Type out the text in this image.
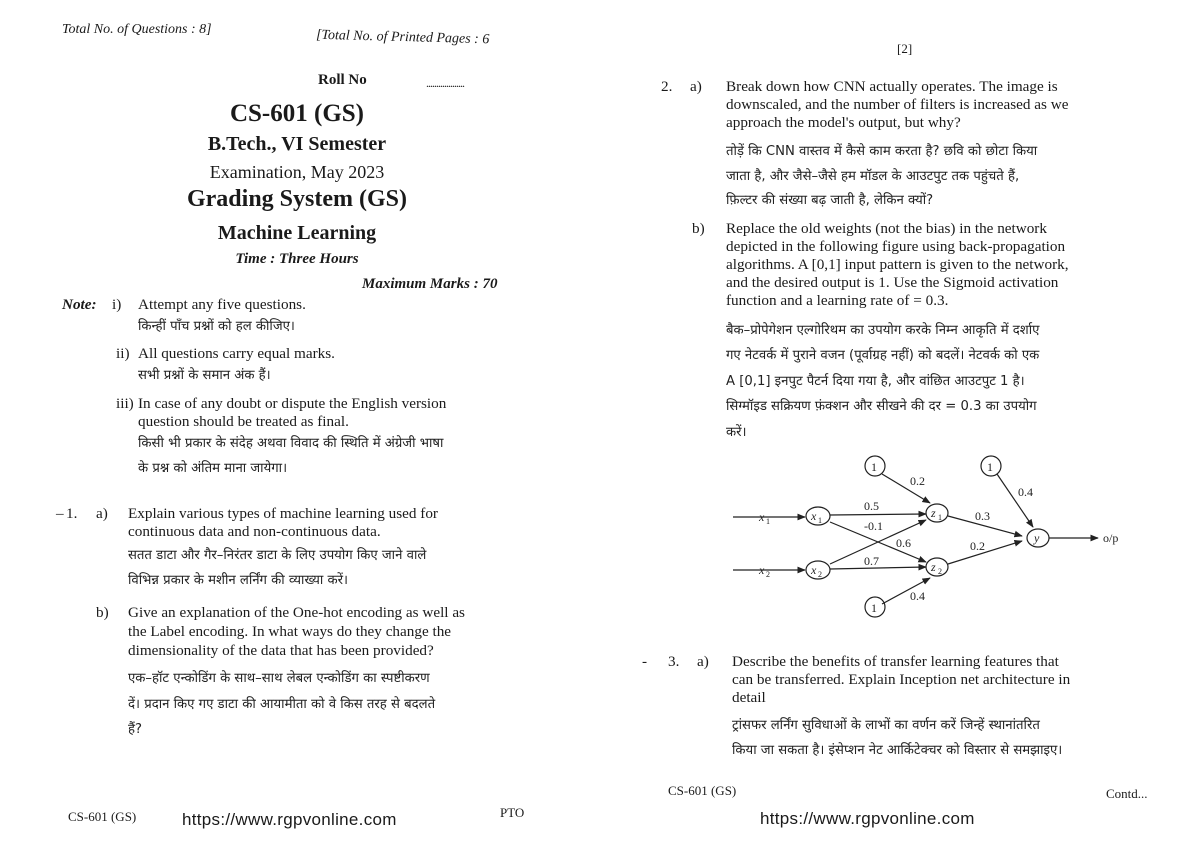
Total No. of Questions : 8]	[Total No. of Printed Pages : 6
Roll No	...................
CS-601 (GS)
B.Tech., VI Semester
Examination, May 2023
Grading System (GS)
Machine Learning
Time : Three Hours
Maximum Marks : 70
Note: i) Attempt any five questions.
किन्हीं पाँच प्रश्नों को हल कीजिए।
ii) All questions carry equal marks.
सभी प्रश्नों के समान अंक हैं।
iii) In case of any doubt or dispute the English version
question should be treated as final.
किसी भी प्रकार के संदेह अथवा विवाद की स्थिति में अंग्रेजी भाषा
के प्रश्न को अंतिम माना जायेगा।
– 1. a) Explain various types of machine learning used for
continuous data and non-continuous data.
सतत डाटा और गैर–निरंतर डाटा के लिए उपयोग किए जाने वाले
विभिन्न प्रकार के मशीन लर्निंग की व्याख्या करें।
b) Give an explanation of the One-hot encoding as well as
the Label encoding. In what ways do they change the
dimensionality of the data that has been provided?
एक–हॉट एन्कोडिंग के साथ–साथ लेबल एन्कोडिंग का स्पष्टीकरण
दें। प्रदान किए गए डाटा की आयामीता को वे किस तरह से बदलते
हैं?
CS-601 (GS)	https://www.rgpvonline.com	PTO
[2]
2. a) Break down how CNN actually operates. The image is
downscaled, and the number of filters is increased as we
approach the model's output, but why?
तोड़ें कि CNN वास्तव में कैसे काम करता है? छवि को छोटा किया
जाता है, और जैसे–जैसे हम मॉडल के आउटपुट तक पहुंचते हैं,
फ़िल्टर की संख्या बढ़ जाती है, लेकिन क्यों?
b) Replace the old weights (not the bias) in the network
depicted in the following figure using back-propagation
algorithms. A [0,1] input pattern is given to the network,
and the desired output is 1. Use the Sigmoid activation
function and a learning rate of = 0.3.
बैक–प्रोपेगेशन एल्गोरिथम का उपयोग करके निम्न आकृति में दर्शाए
गए नेटवर्क में पुराने वजन (पूर्वाग्रह नहीं) को बदलें। नेटवर्क को एक
A [0,1] इनपुट पैटर्न दिया गया है, और वांछित आउटपुट 1 है।
सिग्मॉइड सक्रियण फ़ंक्शन और सीखने की दर = 0.3 का उपयोग
करें।
1	1
1
x 1
x 2
x 1
x 2
z 1
z 2
y	o/p
0.5
-0.1
0.6
0.7
0.2
0.4
0.3
0.2
0.4
- 3. a) Describe the benefits of transfer learning features that
can be transferred. Explain Inception net architecture in
detail
ट्रांसफर लर्निंग सुविधाओं के लाभों का वर्णन करें जिन्हें स्थानांतरित
किया जा सकता है। इंसेप्शन नेट आर्किटेक्चर को विस्तार से समझाइए।
CS-601 (GS)	Contd...
https://www.rgpvonline.com
